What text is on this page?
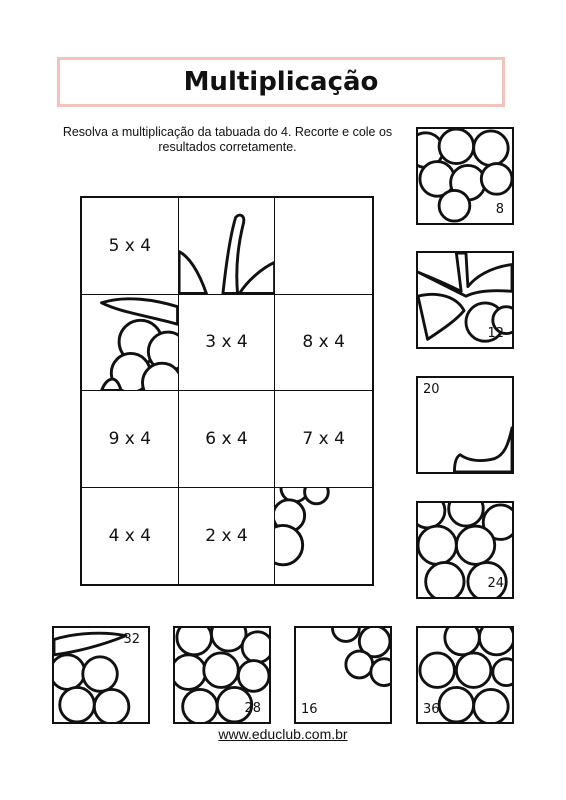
Multiplicação
Resolva a multiplicação da tabuada do 4. Recorte e cole os resultados corretamente.
5 x 4
3 x 4	8 x 4
9 x 4	6 x 4	7 x 4
4 x 4	2 x 4
8
12
20
24
32
28	16	36
www.educlub.com.br
